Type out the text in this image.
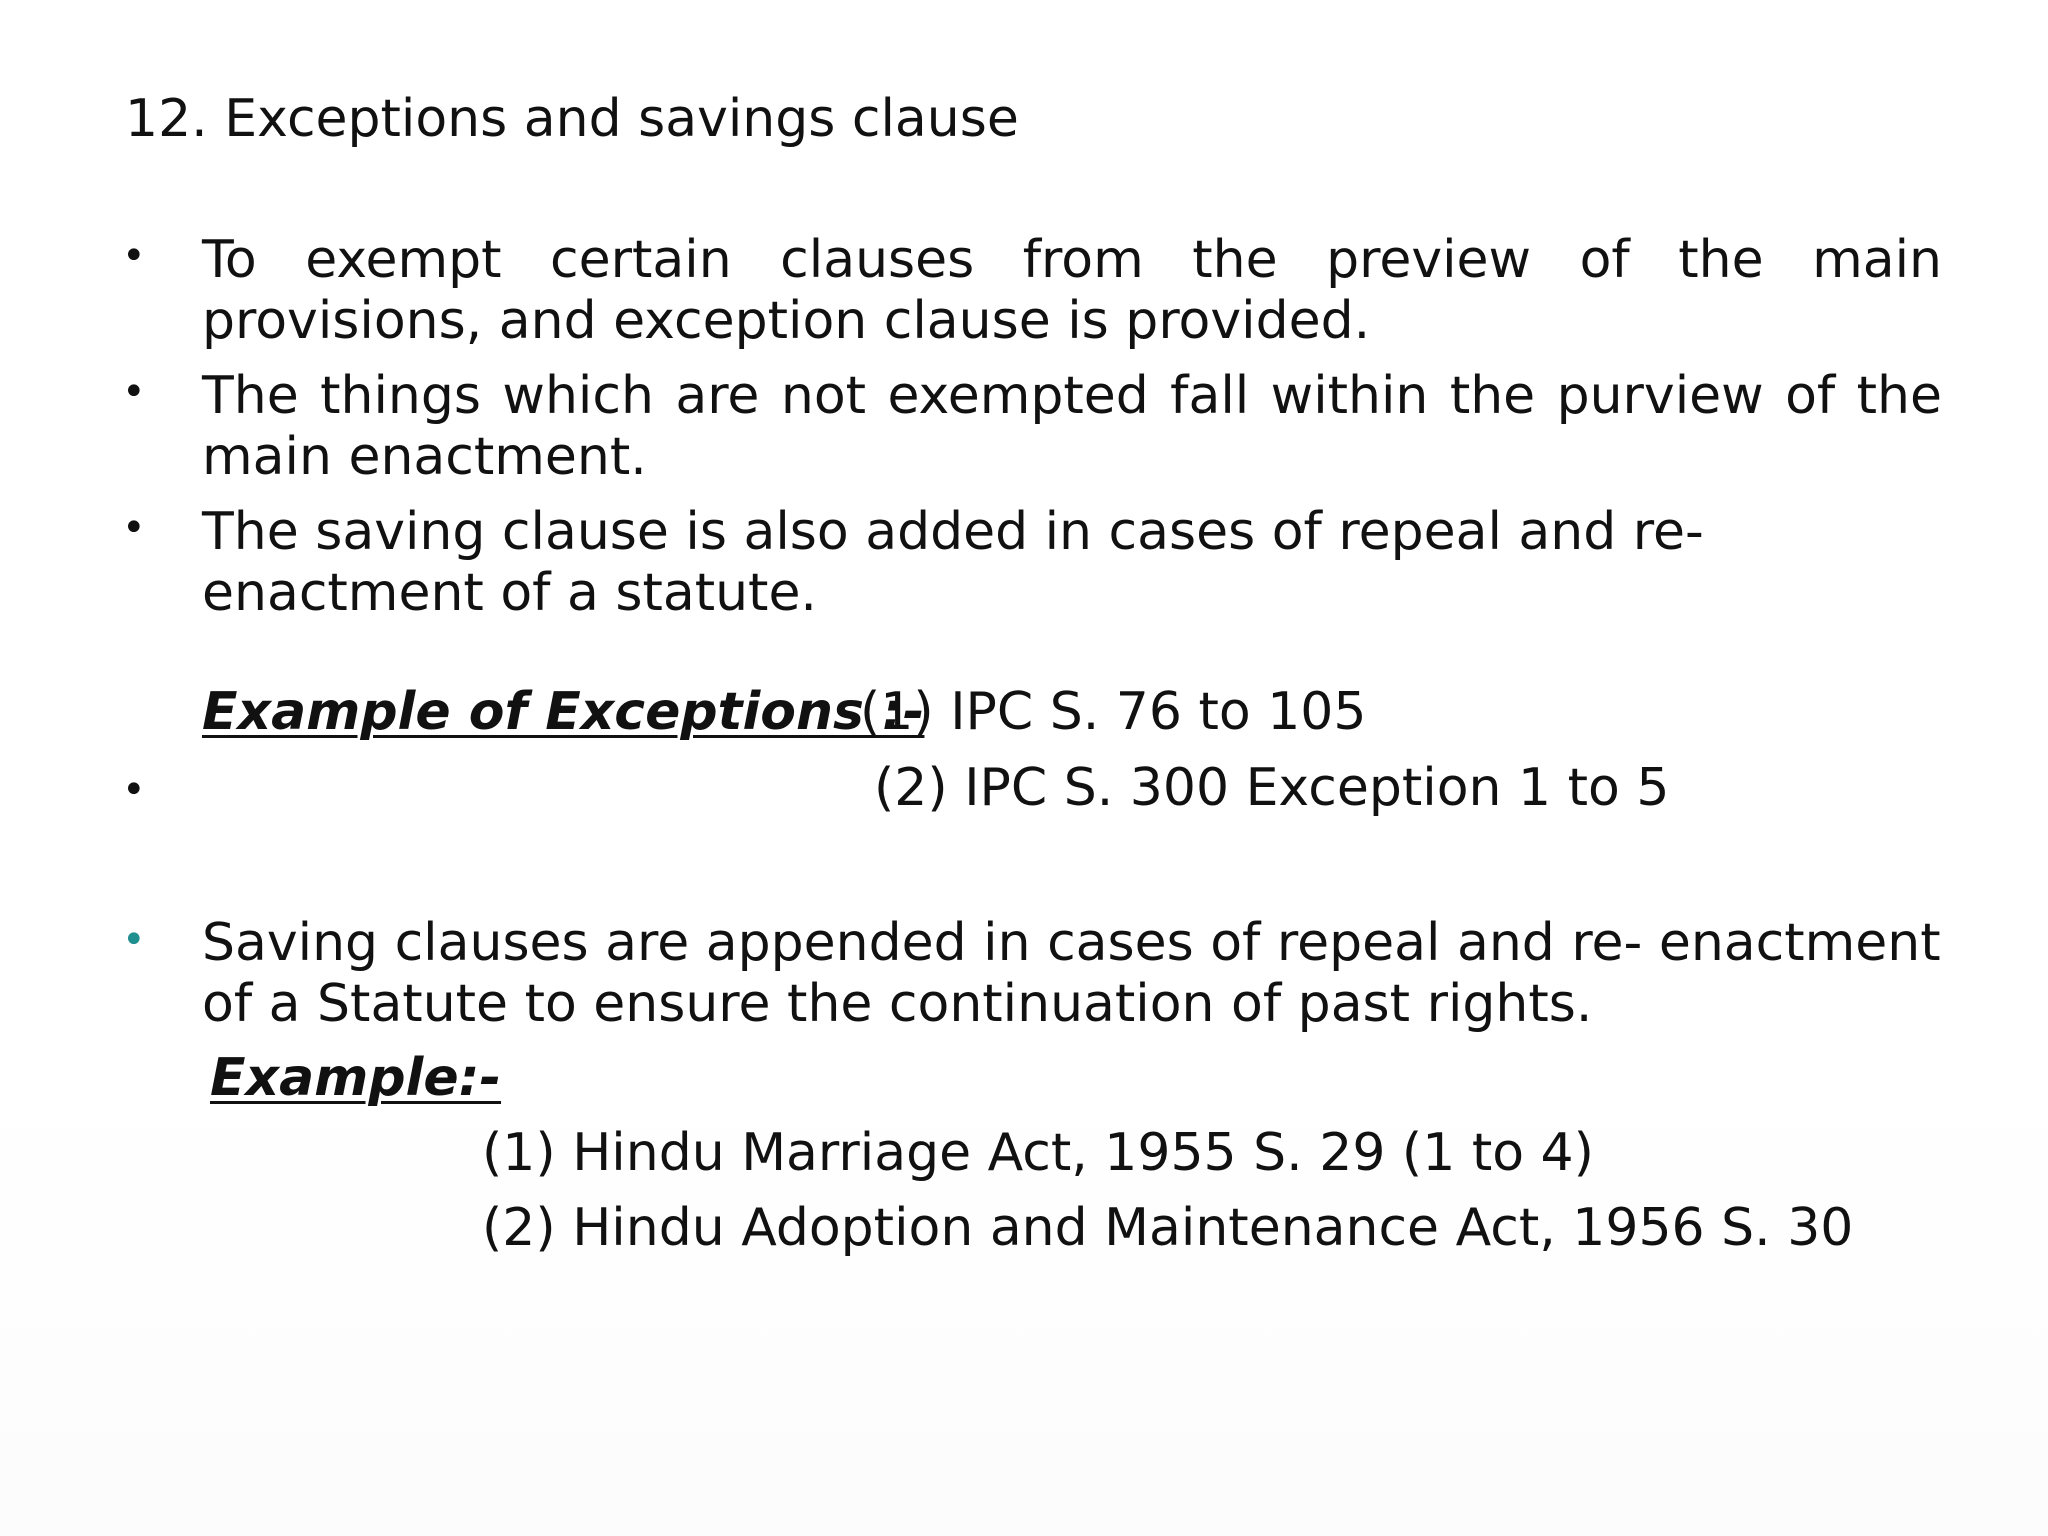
12. Exceptions and savings clause
• To exempt certain clauses from the preview of the main provisions, and exception clause is provided.
• The things which are not exempted fall within the purview of the main enactment.
• The saving clause is also added in cases of repeal and re-enactment of a statute.
Example of Exceptions :-
(1) IPC S. 76 to 105
•	(2) IPC S. 300 Exception 1 to 5
• Saving clauses are appended in cases of repeal and re- enactment of a Statute to ensure the continuation of past rights.
Example:-
(1) Hindu Marriage Act, 1955 S. 29 (1 to 4)
(2) Hindu Adoption and Maintenance Act, 1956 S. 30
